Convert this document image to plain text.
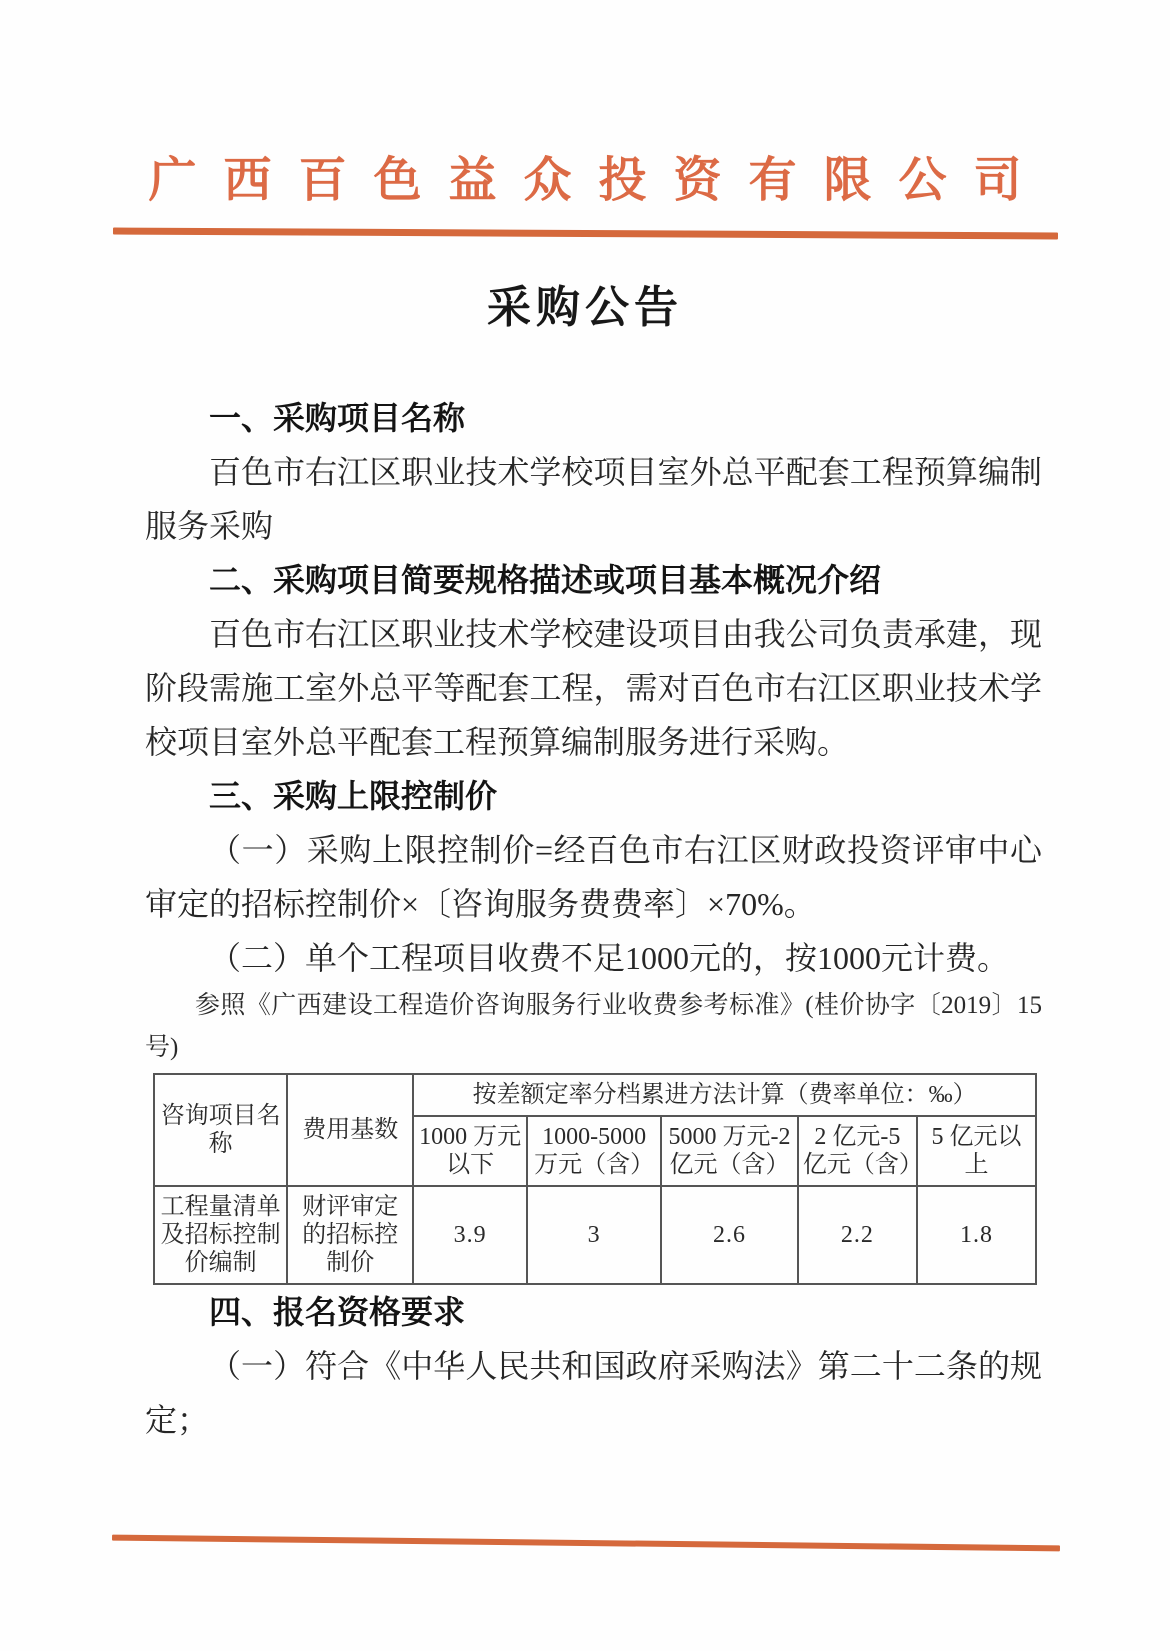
广西百色益众投资有限公司
采购公告

一、采购项目名称

百色市右江区职业技术学校项目室外总平配套工程预算编制服务采购

二、采购项目简要规格描述或项目基本概况介绍

百色市右江区职业技术学校建设项目由我公司负责承建，现阶段需施工室外总平等配套工程，需对百色市右江区职业技术学校项目室外总平配套工程预算编制服务进行采购。

三、采购上限控制价

（一）采购上限控制价=经百色市右江区财政投资评审中心审定的招标控制价×〔咨询服务费费率〕×70%。

（二）单个工程项目收费不足1000元的，按1000元计费。

参照《广西建设工程造价咨询服务行业收费参考标准》(桂价协字〔2019〕15 号)

咨询项目名称	费用基数	按差额定率分档累进方法计算（费率单位：‰）				
		1000 万元以下	1000-5000 万元（含）	5000 万元-2 亿元（含）	2 亿元-5 亿元（含）	5 亿元以上
工程量清单及招标控制价编制	财评审定的招标控制价	3.9	3	2.6	2.2	1.8

四、报名资格要求

（一）符合《中华人民共和国政府采购法》第二十二条的规定；
